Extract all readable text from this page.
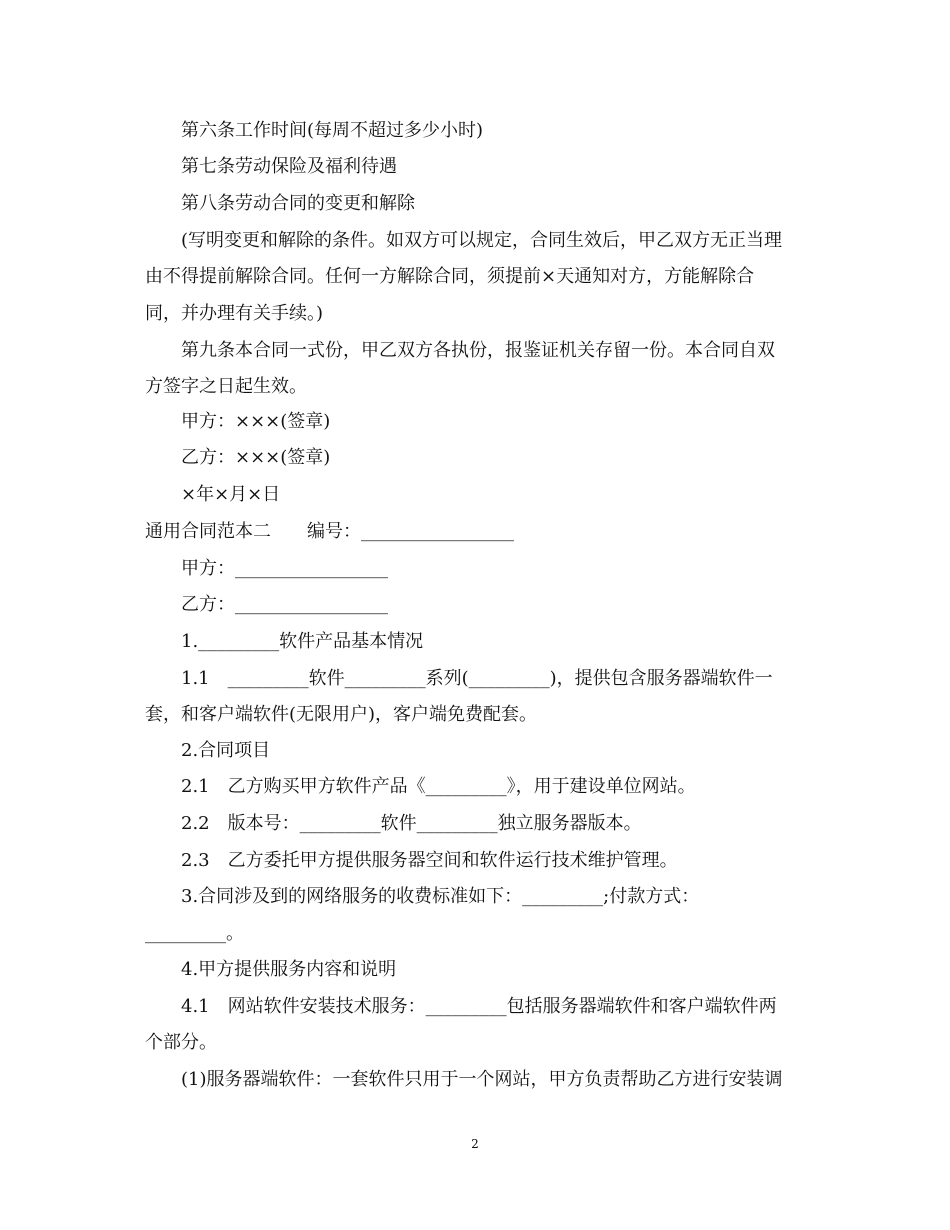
第六条工作时间(每周不超过多少小时)
第七条劳动保险及福利待遇
第八条劳动合同的变更和解除
(写明变更和解除的条件。如双方可以规定，合同生效后，甲乙双方无正当理
由不得提前解除合同。任何一方解除合同，须提前×天通知对方，方能解除合
同，并办理有关手续。)
第九条本合同一式份，甲乙双方各执份，报鉴证机关存留一份。本合同自双
方签字之日起生效。
甲方：×××(签章)
乙方：×××(签章)
×年×月×日
通用合同范本二　　编号：_________________
甲方：_________________
乙方：_________________
1._________软件产品基本情况
1.1　_________软件_________系列(_________)，提供包含服务器端软件一
套，和客户端软件(无限用户)，客户端免费配套。
2.合同项目
2.1　乙方购买甲方软件产品《_________》，用于建设单位网站。
2.2　版本号：_________软件_________独立服务器版本。
2.3　乙方委托甲方提供服务器空间和软件运行技术维护管理。
3.合同涉及到的网络服务的收费标准如下：_________;付款方式：
_________。
4.甲方提供服务内容和说明
4.1　网站软件安装技术服务：_________包括服务器端软件和客户端软件两
个部分。
(1)服务器端软件：一套软件只用于一个网站，甲方负责帮助乙方进行安装调
2
